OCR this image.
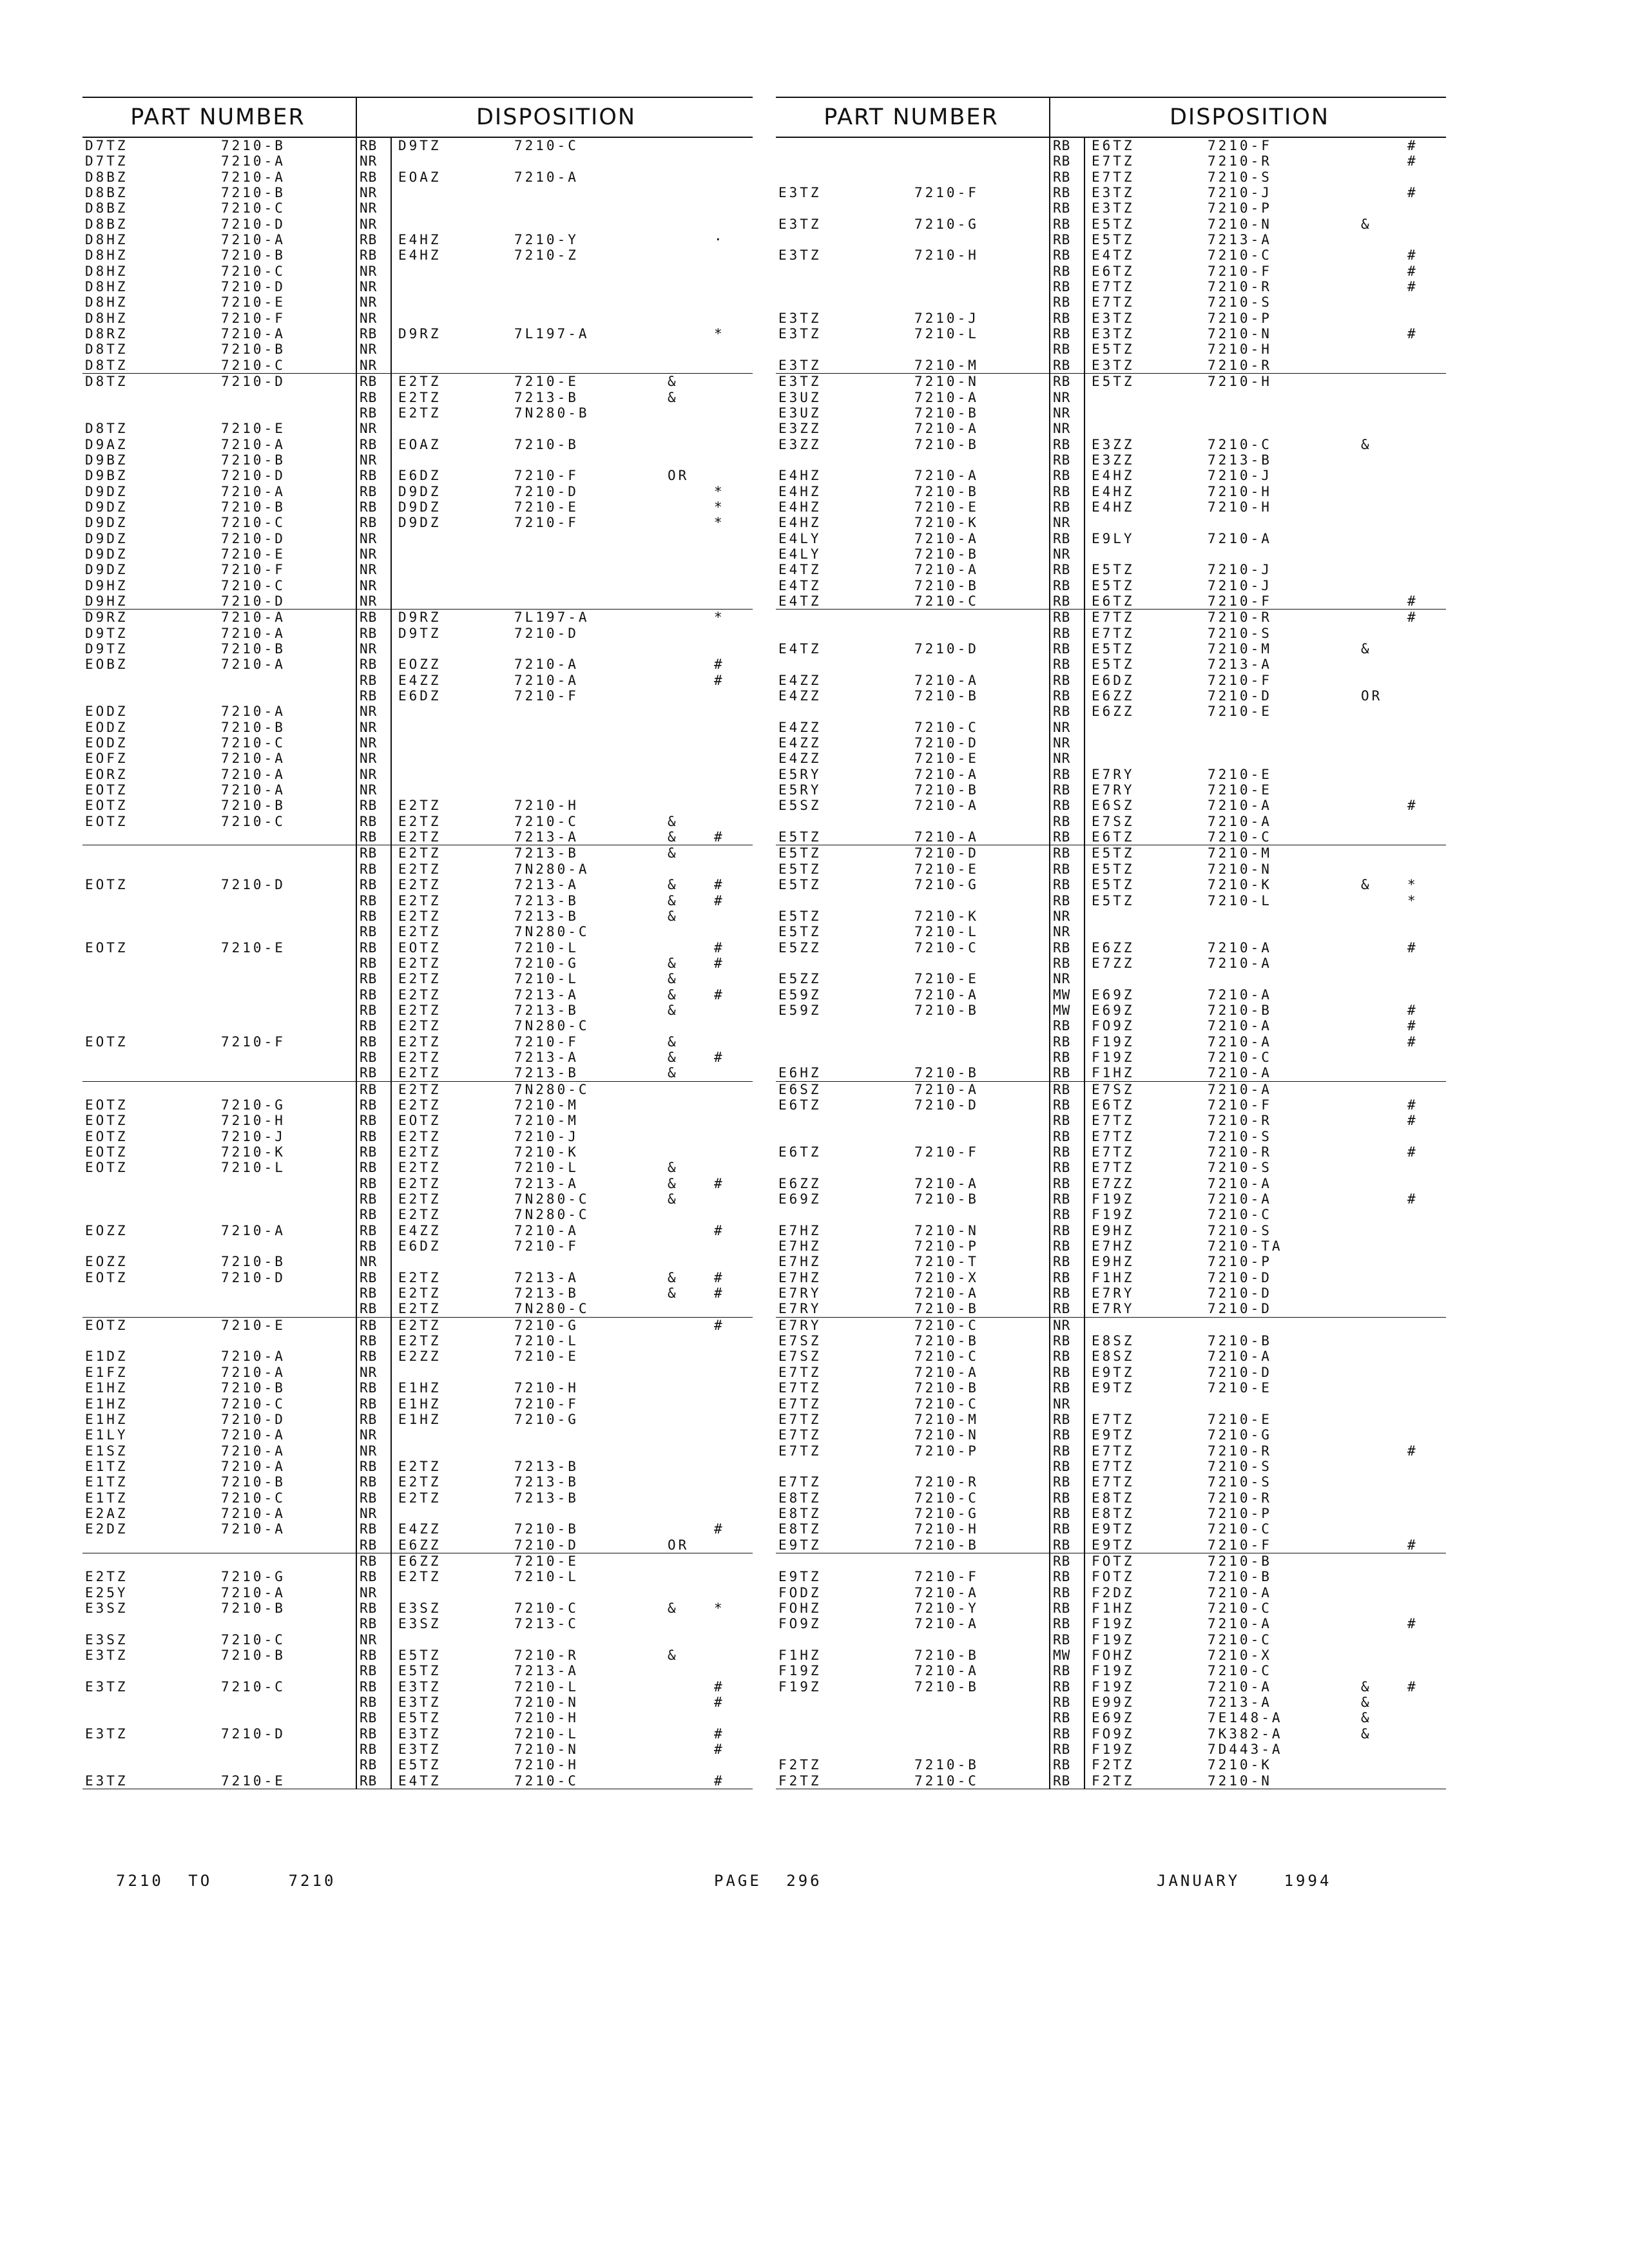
PART NUMBER	DISPOSITION
D7TZ	7210-B	RB D9TZ	7210-C
D7TZ	7210-A	NR
D8BZ	7210-A	RB EOAZ	7210-A
D8BZ	7210-B	NR
D8BZ	7210-C	NR
D8BZ	7210-D	NR
D8HZ	7210-A	RB E4HZ	7210-Y	·
D8HZ	7210-B	RB E4HZ	7210-Z
D8HZ	7210-C	NR
D8HZ	7210-D	NR
D8HZ	7210-E	NR
D8HZ	7210-F	NR
D8RZ	7210-A	RB D9RZ	7L197-A	*
D8TZ	7210-B	NR
D8TZ	7210-C	NR
D8TZ	7210-D	RB E2TZ	7210-E	&
RB E2TZ	7213-B	&
RB E2TZ	7N280-B
D8TZ	7210-E	NR
D9AZ	7210-A	RB EOAZ	7210-B
D9BZ	7210-B	NR
D9BZ	7210-D	RB E6DZ	7210-F	OR
D9DZ	7210-A	RB D9DZ	7210-D	*
D9DZ	7210-B	RB D9DZ	7210-E	*
D9DZ	7210-C	RB D9DZ	7210-F	*
D9DZ	7210-D	NR
D9DZ	7210-E	NR
D9DZ	7210-F	NR
D9HZ	7210-C	NR
D9HZ	7210-D	NR
D9RZ	7210-A	RB D9RZ	7L197-A	*
D9TZ	7210-A	RB D9TZ	7210-D
D9TZ	7210-B	NR
EOBZ	7210-A	RB EOZZ	7210-A	#
RB E4ZZ	7210-A	#
RB E6DZ	7210-F
EODZ	7210-A	NR
EODZ	7210-B	NR
EODZ	7210-C	NR
EOFZ	7210-A	NR
EORZ	7210-A	NR
EOTZ	7210-A	NR
EOTZ	7210-B	RB E2TZ	7210-H
EOTZ	7210-C	RB E2TZ	7210-C	&
RB E2TZ	7213-A	&	#
RB E2TZ	7213-B	&
RB E2TZ	7N280-A
EOTZ	7210-D	RB E2TZ	7213-A	&	#
RB E2TZ	7213-B	&	#
RB E2TZ	7213-B	&
RB E2TZ	7N280-C
EOTZ	7210-E	RB EOTZ	7210-L	#
RB E2TZ	7210-G	&	#
RB E2TZ	7210-L	&
RB E2TZ	7213-A	&	#
RB E2TZ	7213-B	&
RB E2TZ	7N280-C
EOTZ	7210-F	RB E2TZ	7210-F	&
RB E2TZ	7213-A	&	#
RB E2TZ	7213-B	&
RB E2TZ	7N280-C
EOTZ	7210-G	RB E2TZ	7210-M
EOTZ	7210-H	RB EOTZ	7210-M
EOTZ	7210-J	RB E2TZ	7210-J
EOTZ	7210-K	RB E2TZ	7210-K
EOTZ	7210-L	RB E2TZ	7210-L	&
RB E2TZ	7213-A	&	#
RB E2TZ	7N280-C	&
RB E2TZ	7N280-C
EOZZ	7210-A	RB E4ZZ	7210-A	#
RB E6DZ	7210-F
EOZZ	7210-B	NR
EOTZ	7210-D	RB E2TZ	7213-A	&	#
RB E2TZ	7213-B	&	#
RB E2TZ	7N280-C
EOTZ	7210-E	RB E2TZ	7210-G	#
RB E2TZ	7210-L
E1DZ	7210-A	RB E2ZZ	7210-E
E1FZ	7210-A	NR
E1HZ	7210-B	RB E1HZ	7210-H
E1HZ	7210-C	RB E1HZ	7210-F
E1HZ	7210-D	RB E1HZ	7210-G
E1LY	7210-A	NR
E1SZ	7210-A	NR
E1TZ	7210-A	RB E2TZ	7213-B
E1TZ	7210-B	RB E2TZ	7213-B
E1TZ	7210-C	RB E2TZ	7213-B
E2AZ	7210-A	NR
E2DZ	7210-A	RB E4ZZ	7210-B	#
RB E6ZZ	7210-D	OR
RB E6ZZ	7210-E
E2TZ	7210-G	RB E2TZ	7210-L
E25Y	7210-A	NR
E3SZ	7210-B	RB E3SZ	7210-C	&	*
RB E3SZ	7213-C
E3SZ	7210-C	NR
E3TZ	7210-B	RB E5TZ	7210-R	&
RB E5TZ	7213-A
E3TZ	7210-C	RB E3TZ	7210-L	#
RB E3TZ	7210-N	#
RB E5TZ	7210-H
E3TZ	7210-D	RB E3TZ	7210-L	#
RB E3TZ	7210-N	#
RB E5TZ	7210-H
E3TZ	7210-E	RB E4TZ	7210-C	#
PART NUMBER	DISPOSITION
RB E6TZ	7210-F	#
RB E7TZ	7210-R	#
RB E7TZ	7210-S
E3TZ	7210-F	RB E3TZ	7210-J	#
RB E3TZ	7210-P
E3TZ	7210-G	RB E5TZ	7210-N	&
RB E5TZ	7213-A
E3TZ	7210-H	RB E4TZ	7210-C	#
RB E6TZ	7210-F	#
RB E7TZ	7210-R	#
RB E7TZ	7210-S
E3TZ	7210-J	RB E3TZ	7210-P
E3TZ	7210-L	RB E3TZ	7210-N	#
RB E5TZ	7210-H
E3TZ	7210-M	RB E3TZ	7210-R
E3TZ	7210-N	RB E5TZ	7210-H
E3UZ	7210-A	NR
E3UZ	7210-B	NR
E3ZZ	7210-A	NR
E3ZZ	7210-B	RB E3ZZ	7210-C	&
RB E3ZZ	7213-B
E4HZ	7210-A	RB E4HZ	7210-J
E4HZ	7210-B	RB E4HZ	7210-H
E4HZ	7210-E	RB E4HZ	7210-H
E4HZ	7210-K	NR
E4LY	7210-A	RB E9LY	7210-A
E4LY	7210-B	NR
E4TZ	7210-A	RB E5TZ	7210-J
E4TZ	7210-B	RB E5TZ	7210-J
E4TZ	7210-C	RB E6TZ	7210-F	#
RB E7TZ	7210-R	#
RB E7TZ	7210-S
E4TZ	7210-D	RB E5TZ	7210-M	&
RB E5TZ	7213-A
E4ZZ	7210-A	RB E6DZ	7210-F
E4ZZ	7210-B	RB E6ZZ	7210-D	OR
RB E6ZZ	7210-E
E4ZZ	7210-C	NR
E4ZZ	7210-D	NR
E4ZZ	7210-E	NR
E5RY	7210-A	RB E7RY	7210-E
E5RY	7210-B	RB E7RY	7210-E
E5SZ	7210-A	RB E6SZ	7210-A	#
RB E7SZ	7210-A
E5TZ	7210-A	RB E6TZ	7210-C
E5TZ	7210-D	RB E5TZ	7210-M
E5TZ	7210-E	RB E5TZ	7210-N
E5TZ	7210-G	RB E5TZ	7210-K	&	*
RB E5TZ	7210-L	*
E5TZ	7210-K	NR
E5TZ	7210-L	NR
E5ZZ	7210-C	RB E6ZZ	7210-A	#
RB E7ZZ	7210-A
E5ZZ	7210-E	NR
E59Z	7210-A	MW E69Z	7210-A
E59Z	7210-B	MW E69Z	7210-B	#
RB FO9Z	7210-A	#
RB F19Z	7210-A	#
RB F19Z	7210-C
E6HZ	7210-B	RB F1HZ	7210-A
E6SZ	7210-A	RB E7SZ	7210-A
E6TZ	7210-D	RB E6TZ	7210-F	#
RB E7TZ	7210-R	#
RB E7TZ	7210-S
E6TZ	7210-F	RB E7TZ	7210-R	#
RB E7TZ	7210-S
E6ZZ	7210-A	RB E7ZZ	7210-A
E69Z	7210-B	RB F19Z	7210-A	#
RB F19Z	7210-C
E7HZ	7210-N	RB E9HZ	7210-S
E7HZ	7210-P	RB E7HZ	7210-TA
E7HZ	7210-T	RB E9HZ	7210-P
E7HZ	7210-X	RB F1HZ	7210-D
E7RY	7210-A	RB E7RY	7210-D
E7RY	7210-B	RB E7RY	7210-D
E7RY	7210-C	NR
E7SZ	7210-B	RB E8SZ	7210-B
E7SZ	7210-C	RB E8SZ	7210-A
E7TZ	7210-A	RB E9TZ	7210-D
E7TZ	7210-B	RB E9TZ	7210-E
E7TZ	7210-C	NR
E7TZ	7210-M	RB E7TZ	7210-E
E7TZ	7210-N	RB E9TZ	7210-G
E7TZ	7210-P	RB E7TZ	7210-R	#
RB E7TZ	7210-S
E7TZ	7210-R	RB E7TZ	7210-S
E8TZ	7210-C	RB E8TZ	7210-R
E8TZ	7210-G	RB E8TZ	7210-P
E8TZ	7210-H	RB E9TZ	7210-C
E9TZ	7210-B	RB E9TZ	7210-F	#
RB FOTZ	7210-B
E9TZ	7210-F	RB FOTZ	7210-B
FODZ	7210-A	RB F2DZ	7210-A
FOHZ	7210-Y	RB F1HZ	7210-C
FO9Z	7210-A	RB F19Z	7210-A	#
RB F19Z	7210-C
F1HZ	7210-B	MW FOHZ	7210-X
F19Z	7210-A	RB F19Z	7210-C
F19Z	7210-B	RB F19Z	7210-A	&	#
RB E99Z	7213-A	&
RB E69Z	7E148-A	&
RB FO9Z	7K382-A	&
RB F19Z	7D443-A
F2TZ	7210-B	RB F2TZ	7210-K
F2TZ	7210-C	RB F2TZ	7210-N
7210 TO	7210	PAGE 296	JANUARY	1994
